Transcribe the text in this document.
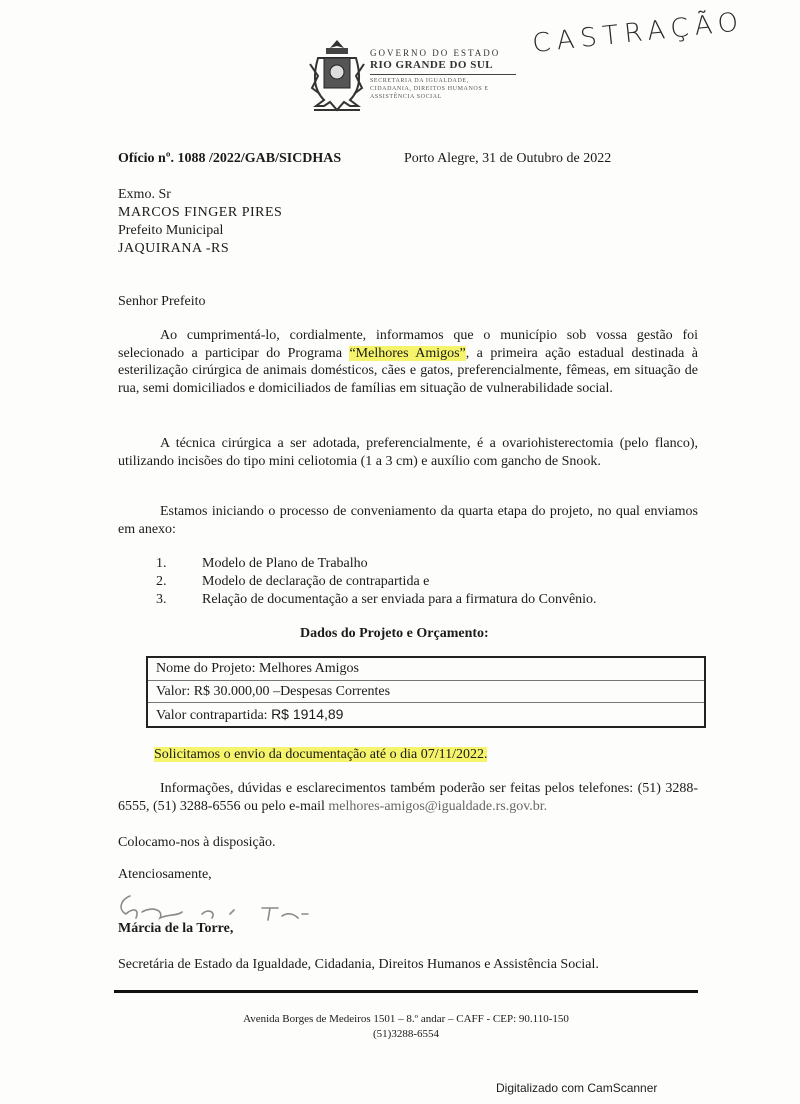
CASTRAÇÃO
GOVERNO DO ESTADO
RIO GRANDE DO SUL
SECRETARIA DA IGUALDADE,
CIDADANIA, DIREITOS HUMANOS E
ASSISTÊNCIA SOCIAL
Ofício nº. 1088 /2022/GAB/SICDHAS	Porto Alegre, 31 de Outubro de 2022
Exmo. Sr
MARCOS FINGER PIRES
Prefeito Municipal
JAQUIRANA -RS
Senhor Prefeito
Ao cumprimentá-lo, cordialmente, informamos que o município sob vossa gestão foi selecionado a participar do Programa “Melhores Amigos”, a primeira ação estadual destinada à esterilização cirúrgica de animais domésticos, cães e gatos, preferencialmente, fêmeas, em situação de rua, semi domiciliados e domiciliados de famílias em situação de vulnerabilidade social.
A técnica cirúrgica a ser adotada, preferencialmente, é a ovariohisterectomia (pelo flanco), utilizando incisões do tipo mini celiotomia (1 a 3 cm) e auxílio com gancho de Snook.
Estamos iniciando o processo de conveniamento da quarta etapa do projeto, no qual enviamos em anexo:
1.	Modelo de Plano de Trabalho
2.	Modelo de declaração de contrapartida e
3.	Relação de documentação a ser enviada para a firmatura do Convênio.
Dados do Projeto e Orçamento:
Nome do Projeto: Melhores Amigos
Valor: R$ 30.000,00 –Despesas Correntes
Valor contrapartida: R$ 1914,89
Solicitamos o envio da documentação até o dia 07/11/2022.
Informações, dúvidas e esclarecimentos também poderão ser feitas pelos telefones: (51) 3288-6555, (51) 3288-6556 ou pelo e-mail melhores-amigos@igualdade.rs.gov.br.
Colocamo-nos à disposição.
Atenciosamente,
Márcia de la Torre,
Secretária de Estado da Igualdade, Cidadania, Direitos Humanos e Assistência Social.
Avenida Borges de Medeiros 1501 – 8.º andar – CAFF - CEP: 90.110-150
(51)3288-6554
Digitalizado com CamScanner
